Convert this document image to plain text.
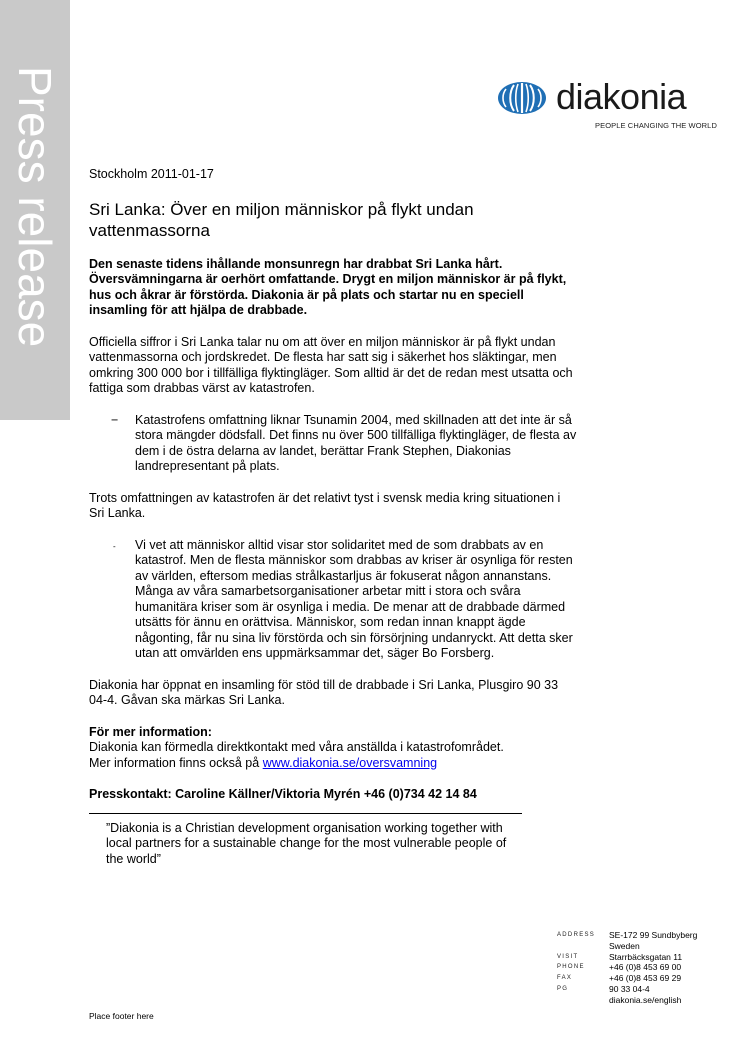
Press release	diakonia
PEOPLE CHANGING THE WORLD
Stockholm 2011-01-17
Sri Lanka: Över en miljon människor på flykt undan vattenmassorna

Den senaste tidens ihållande monsunregn har drabbat Sri Lanka hårt. Översvämningarna är oerhört omfattande. Drygt en miljon människor är på flykt, hus och åkrar är förstörda. Diakonia är på plats och startar nu en speciell insamling för att hjälpa de drabbade.

Officiella siffror i Sri Lanka talar nu om att över en miljon människor är på flykt undan vattenmassorna och jordskredet. De flesta har satt sig i säkerhet hos släktingar, men omkring 300 000 bor i tillfälliga flyktingläger. Som alltid är det de redan mest utsatta och fattiga som drabbas värst av katastrofen.

− Katastrofens omfattning liknar Tsunamin 2004, med skillnaden att det inte är så stora mängder dödsfall. Det finns nu över 500 tillfälliga flyktingläger, de flesta av dem i de östra delarna av landet, berättar Frank Stephen, Diakonias landrepresentant på plats.

Trots omfattningen av katastrofen är det relativt tyst i svensk media kring situationen i Sri Lanka.

- Vi vet att människor alltid visar stor solidaritet med de som drabbats av en katastrof. Men de flesta människor som drabbas av kriser är osynliga för resten av världen, eftersom medias strålkastarljus är fokuserat någon annanstans. Många av våra samarbetsorganisationer arbetar mitt i stora och svåra humanitära kriser som är osynliga i media. De menar att de drabbade därmed utsätts för ännu en orättvisa. Människor, som redan innan knappt ägde någonting, får nu sina liv förstörda och sin försörjning undanryckt. Att detta sker utan att omvärlden ens uppmärksammar det, säger Bo Forsberg.

Diakonia har öppnat en insamling för stöd till de drabbade i Sri Lanka, Plusgiro 90 33 04-4. Gåvan ska märkas Sri Lanka.

För mer information:
Diakonia kan förmedla direktkontakt med våra anställda i katastrofområdet.
Mer information finns också på www.diakonia.se/oversvamning
Presskontakt: Caroline Källner/Viktoria Myrén +46 (0)734 42 14 84
”Diakonia is a Christian development organisation working together with local partners for a sustainable change for the most vulnerable people of the world”
ADDRESS	SE-172 99 Sundbyberg
Sweden
VISIT	Starrbäcksgatan 11
PHONE	+46 (0)8 453 69 00
FAX	+46 (0)8 453 69 29
PG	90 33 04-4
diakonia.se/english
Place footer here
